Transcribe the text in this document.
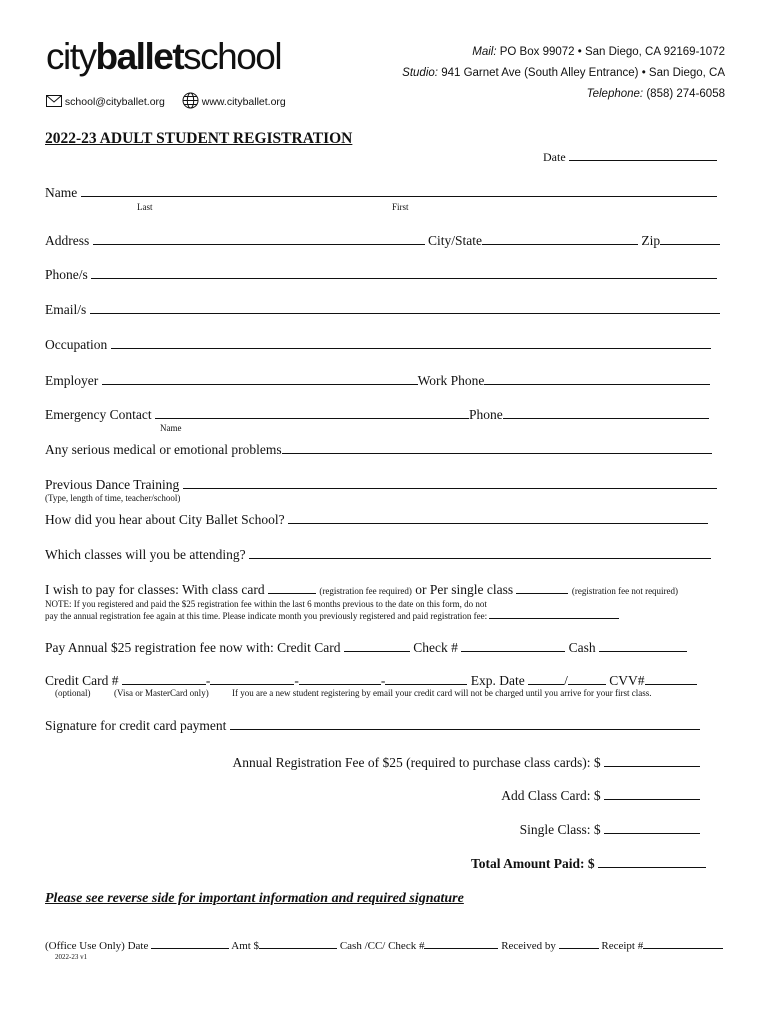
cityballetschool
school@cityballet.org	www.cityballet.org
Mail: PO Box 99072 • San Diego, CA 92169-1072
Studio: 941 Garnet Ave (South Alley Entrance) • San Diego, CA
Telephone: (858) 274-6058
2022-23 ADULT STUDENT REGISTRATION
Date
Name
Last	First
Address	City/State	Zip
Phone/s
Email/s
Occupation
Employer	Work Phone
Emergency Contact	Phone
Name
Any serious medical or emotional problems
Previous Dance Training
(Type, length of time, teacher/school)
How did you hear about City Ballet School?
Which classes will you be attending?
I wish to pay for classes: With class card	(registration fee required) or Per single class	(registration fee not required)
NOTE: If you registered and paid the $25 registration fee within the last 6 months previous to the date on this form, do not
pay the annual registration fee again at this time. Please indicate month you previously registered and paid registration fee:
Pay Annual $25 registration fee now with: Credit Card	Check #	Cash
Credit Card #	-	-	-	Exp. Date	/	CVV#
(optional)	(Visa or MasterCard only)	If you are a new student registering by email your credit card will not be charged until you arrive for your first class.
Signature for credit card payment
Annual Registration Fee of $25 (required to purchase class cards): $
Add Class Card: $
Single Class: $
Total Amount Paid: $
Please see reverse side for important information and required signature
(Office Use Only) Date	Amt $	Cash /CC/ Check #	Received by	Receipt #
2022-23 v1
